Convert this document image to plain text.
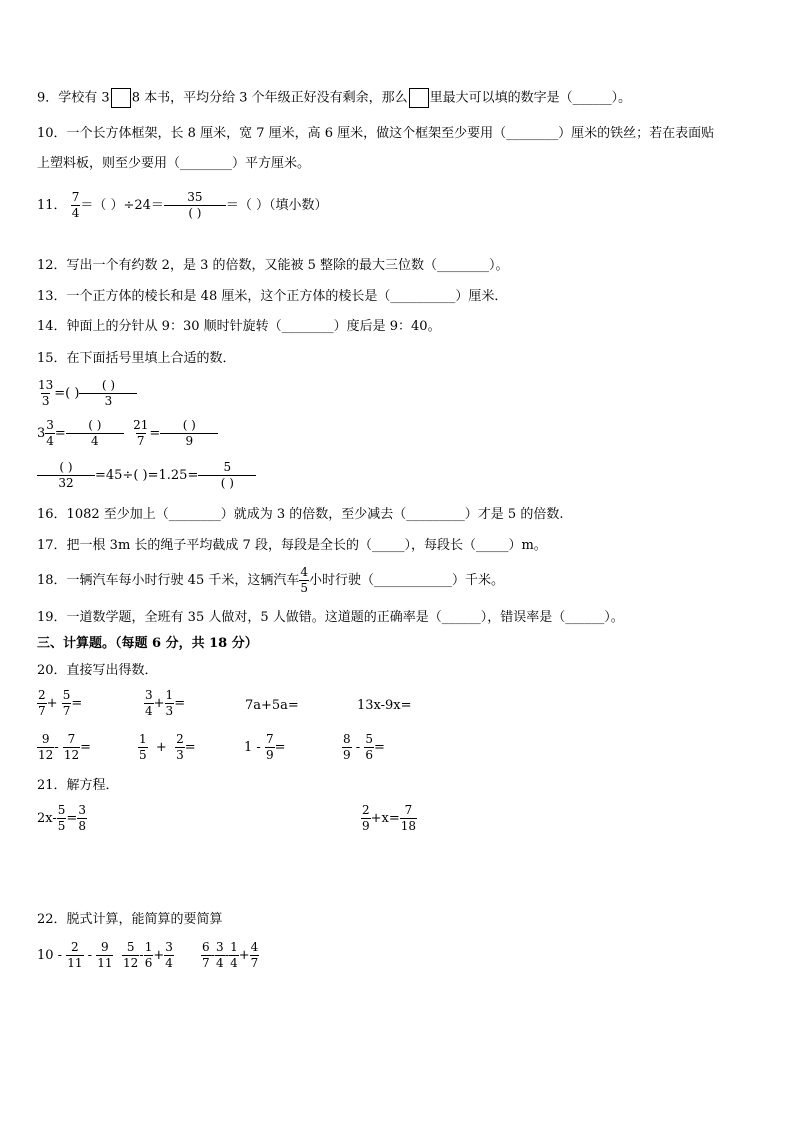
9．学校有 3 8 本书，平均分给 3 个年级正好没有剩余，那么 里最大可以填的数字是（______）。
10．一个长方体框架，长 8 厘米，宽 7 厘米，高 6 厘米，做这个框架至少要用（________）厘米的铁丝；若在表面贴
上塑料板，则至少要用（________）平方厘米。
11． $\frac{7}{4}$ ＝（ ）$\div 24= \frac{35}{( )}$ ＝（ ）（填小数）
12．写出一个有约数 2，是 3 的倍数，又能被 5 整除的最大三位数（________）。
13．一个正方体的棱长和是 48 厘米，这个正方体的棱长是（__________）厘米．
14．钟面上的分针从 9：30 顺时针旋转（________）度后是 9：40。
15．在下面括号里填上合适的数．
$\frac{13}{3}$ =( ) $\frac{( )}{3}$
$3 \frac{3}{4} = \frac{( )}{4}$
$\frac{21}{7} = \frac{( )}{9}$
$\frac{( )}{32} =45\div$( )$=1.25= \frac{5}{( )}$
16．1082 至少加上（________）就成为 3 的倍数，至少减去（_________）才是 5 的倍数.
17．把一根 3m 长的绳子平均截成 7 段，每段是全长的（_____），每段长（_____）m。
18．一辆汽车每小时行驶 45 千米，这辆汽车 $\frac{4}{5}$ 小时行驶（____________）千米。
19．一道数学题，全班有 35 人做对，5 人做错。这道题的正确率是（______），错误率是（______）。
三、计算题。（每题 6 分，共 18 分）
20．直接写出得数．
$\frac{2}{7} + \frac{5}{7}$ =	$\frac{3}{4} + \frac{1}{3}$ =	7a+5a=	13x-9x=
$\frac{9}{12} - \frac{7}{12}$ =	$\frac{1}{5} + \frac{2}{3}$ =	$1 - \frac{7}{9}$ =	$\frac{8}{9} - \frac{5}{6}$ =
21．解方程．
$2x- \frac{5}{5} = \frac{3}{8}$	$\frac{2}{9} +x= \frac{7}{18}$
22．脱式计算，能简算的要简算
$10 - \frac{2}{11} - \frac{9}{11} \frac{5}{12} - \frac{1}{6} + \frac{3}{4} \frac{6}{7} - \frac{3}{4} - \frac{1}{4} + \frac{4}{7}$
